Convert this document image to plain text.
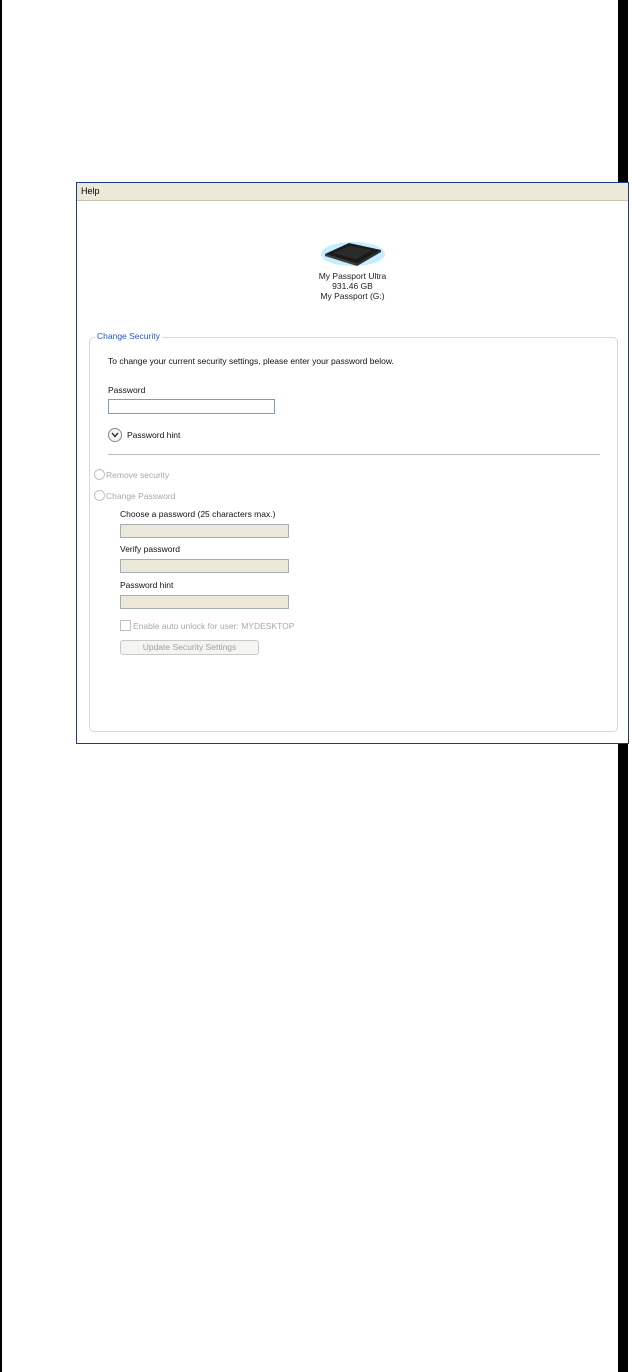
Help
My Passport Ultra
931.46 GB
My Passport (G:)
Change Security
To change your current security settings, please enter your password below.
Password
Password hint
Remove security
Change Password
Choose a password (25 characters max.)
Verify password
Password hint
Enable auto unlock for user: MYDESKTOP
Update Security Settings
